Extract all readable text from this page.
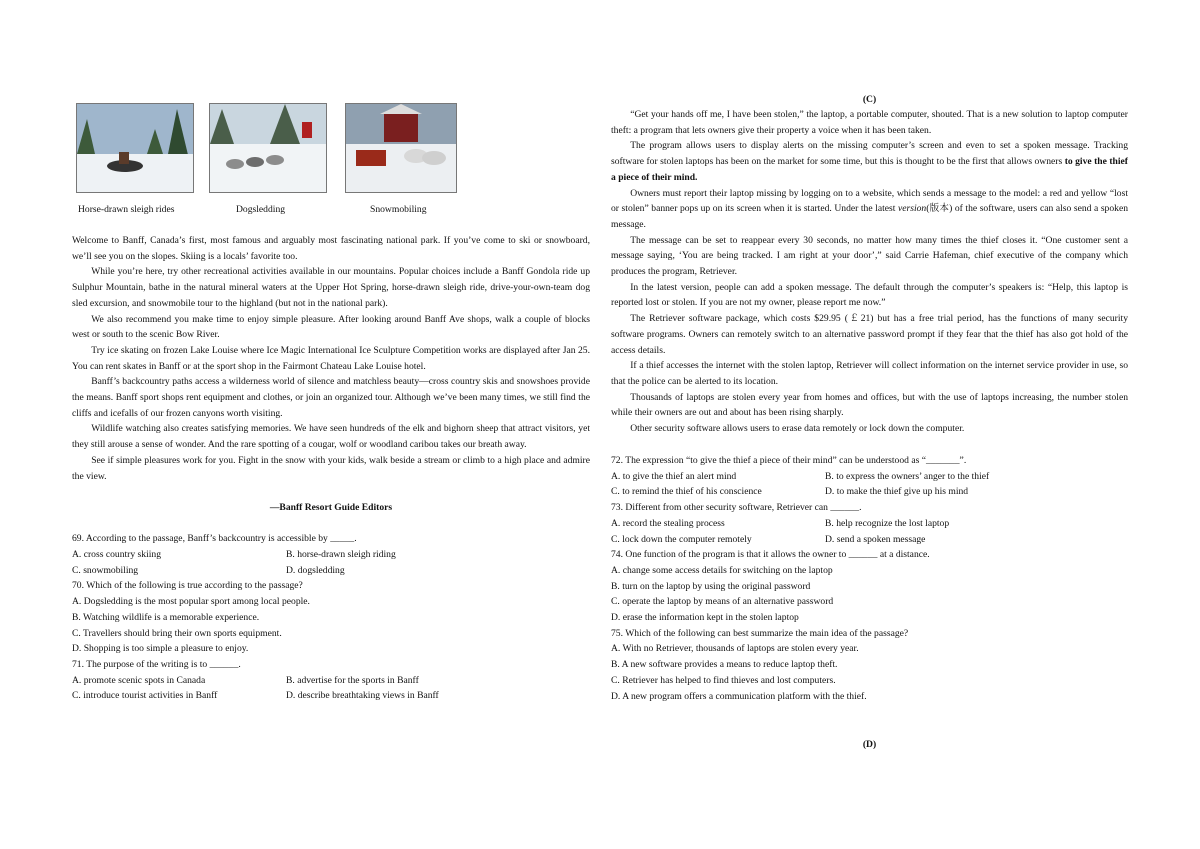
Horse-drawn sleigh rides	Dogsledding	Snowmobiling

Welcome to Banff, Canada’s first, most famous and arguably most fascinating national park. If you’ve come to ski or snowboard, we’ll see you on the slopes. Skiing is a locals’ favorite too.

While you’re here, try other recreational activities available in our mountains. Popular choices include a Banff Gondola ride up Sulphur Mountain, bathe in the natural mineral waters at the Upper Hot Spring, horse-drawn sleigh ride, drive-your-own-team dog sled excursion, and snowmobile tour to the highland (but not in the national park).

We also recommend you make time to enjoy simple pleasure. After looking around Banff Ave shops, walk a couple of blocks west or south to the scenic Bow River.

Try ice skating on frozen Lake Louise where Ice Magic International Ice Sculpture Competition works are displayed after Jan 25. You can rent skates in Banff or at the sport shop in the Fairmont Chateau Lake Louise hotel.

Banff’s backcountry paths access a wilderness world of silence and matchless beauty—cross country skis and snowshoes provide the means. Banff sport shops rent equipment and clothes, or join an organized tour. Although we’ve been many times, we still find the cliffs and icefalls of our frozen canyons worth visiting.

Wildlife watching also creates satisfying memories. We have seen hundreds of the elk and bighorn sheep that attract visitors, yet they still arouse a sense of wonder. And the rare spotting of a cougar, wolf or woodland caribou takes our breath away.

See if simple pleasures work for you. Fight in the snow with your kids, walk beside a stream or climb to a high place and admire the view.

—Banff Resort Guide Editors
69. According to the passage, Banff’s backcountry is accessible by _____.
A. cross country skiing	B. horse-drawn sleigh riding
C. snowmobiling	D. dogsledding
70. Which of the following is true according to the passage?
A. Dogsledding is the most popular sport among local people.
B. Watching wildlife is a memorable experience.
C. Travellers should bring their own sports equipment.
D. Shopping is too simple a pleasure to enjoy.
71. The purpose of the writing is to ______.
A. promote scenic spots in Canada	B. advertise for the sports in Banff
C. introduce tourist activities in Banff	D. describe breathtaking views in Banff
(C)

“Get your hands off me, I have been stolen,” the laptop, a portable computer, shouted. That is a new solution to laptop computer theft: a program that lets owners give their property a voice when it has been taken.

The program allows users to display alerts on the missing computer’s screen and even to set a spoken message. Tracking software for stolen laptops has been on the market for some time, but this is thought to be the first that allows owners to give the thief a piece of their mind.

Owners must report their laptop missing by logging on to a website, which sends a message to the model: a red and yellow “lost or stolen” banner pops up on its screen when it is started. Under the latest version(版本) of the software, users can also send a spoken message.

The message can be set to reappear every 30 seconds, no matter how many times the thief closes it. “One customer sent a message saying, ‘You are being tracked. I am right at your door’,” said Carrie Hafeman, chief executive of the company which produces the program, Retriever.

In the latest version, people can add a spoken message. The default through the computer’s speakers is: “Help, this laptop is reported lost or stolen. If you are not my owner, please report me now.”

The Retriever software package, which costs $29.95 (￡21) but has a free trial period, has the functions of many security software programs. Owners can remotely switch to an alternative password prompt if they fear that the thief has also got hold of the access details.

If a thief accesses the internet with the stolen laptop, Retriever will collect information on the internet service provider in use, so that the police can be alerted to its location.

Thousands of laptops are stolen every year from homes and offices, but with the use of laptops increasing, the number stolen while their owners are out and about has been rising sharply.

Other security software allows users to erase data remotely or lock down the computer.

72. The expression “to give the thief a piece of their mind” can be understood as “_______”.
A. to give the thief an alert mind	B. to express the owners’ anger to the thief
C. to remind the thief of his conscience	D. to make the thief give up his mind
73. Different from other security software, Retriever can ______.
A. record the stealing process	B. help recognize the lost laptop
C. lock down the computer remotely	D. send a spoken message
74. One function of the program is that it allows the owner to ______ at a distance.
A. change some access details for switching on the laptop
B. turn on the laptop by using the original password
C. operate the laptop by means of an alternative password
D. erase the information kept in the stolen laptop
75. Which of the following can best summarize the main idea of the passage?
A. With no Retriever, thousands of laptops are stolen every year.
B. A new software provides a means to reduce laptop theft.
C. Retriever has helped to find thieves and lost computers.
D. A new program offers a communication platform with the thief.
(D)
